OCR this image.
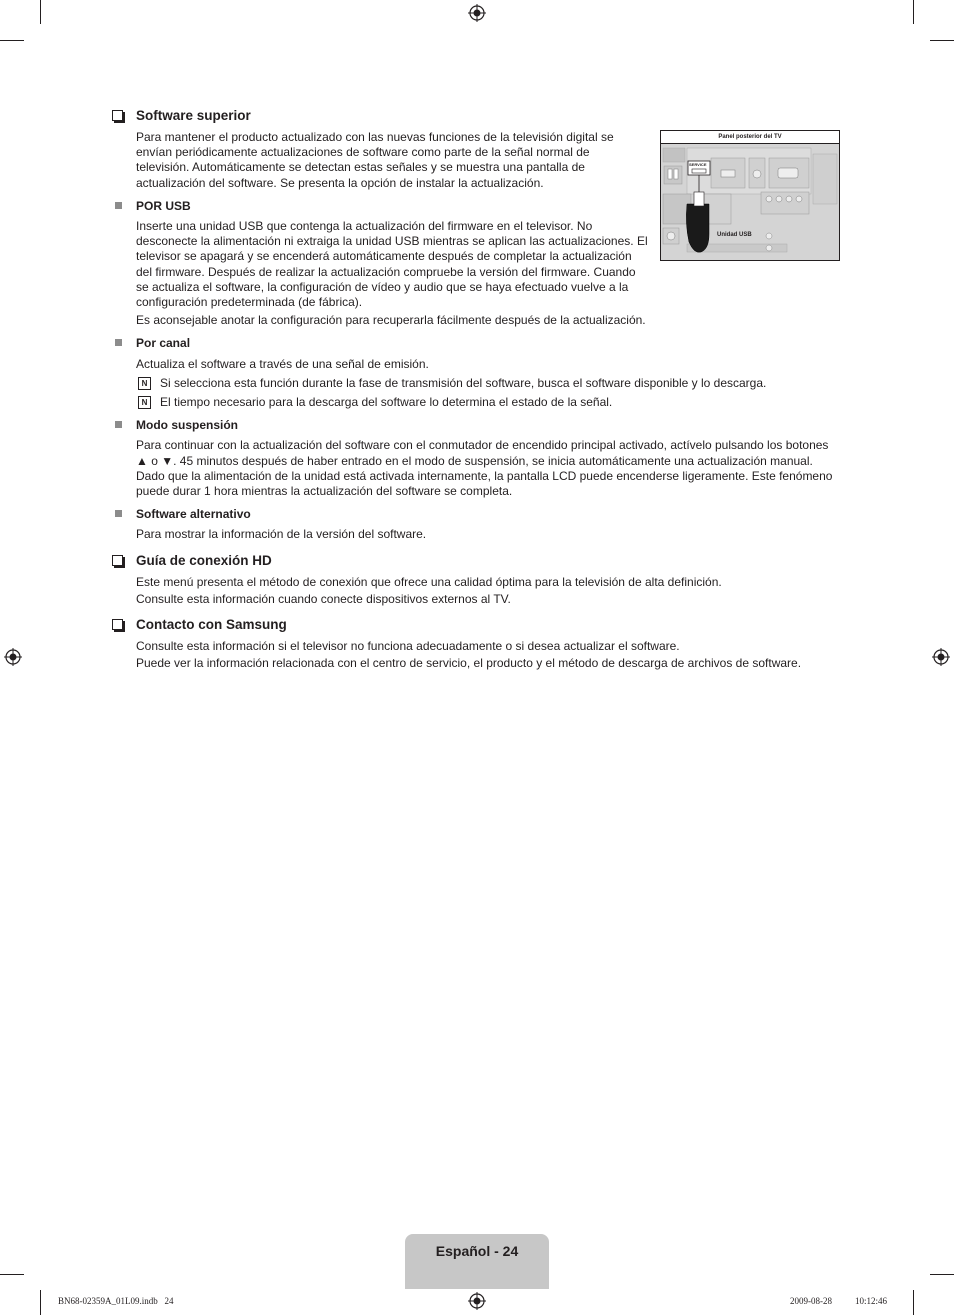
Panel posterior del TV
SERVICE
Unidad USB
Software superior
Para mantener el producto actualizado con las nuevas funciones de la televisión digital se envían periódicamente actualizaciones de software como parte de la señal normal de televisión. Automáticamente se detectan estas señales y se muestra una pantalla de actualización del software. Se presenta la opción de instalar la actualización.
POR USB
Inserte una unidad USB que contenga la actualización del firmware en el televisor. No desconecte la alimentación ni extraiga la unidad USB mientras se aplican las actualizaciones. El televisor se apagará y se encenderá automáticamente después de completar la actualización del firmware. Después de realizar la actualización compruebe la versión del firmware. Cuando se actualiza el software, la configuración de vídeo y audio que se haya efectuado vuelve a la configuración predeterminada (de fábrica).
Es aconsejable anotar la configuración para recuperarla fácilmente después de la actualización.
Por canal
Actualiza el software a través de una señal de emisión.
N	Si selecciona esta función durante la fase de transmisión del software, busca el software disponible y lo descarga.
N	El tiempo necesario para la descarga del software lo determina el estado de la señal.
Modo suspensión
Para continuar con la actualización del software con el conmutador de encendido principal activado, actívelo pulsando los botones ▲ o ▼. 45 minutos después de haber entrado en el modo de suspensión, se inicia automáticamente una actualización manual. Dado que la alimentación de la unidad está activada internamente, la pantalla LCD puede encenderse ligeramente. Este fenómeno puede durar 1 hora mientras la actualización del software se completa.
Software alternativo
Para mostrar la información de la versión del software.
Guía de conexión HD
Este menú presenta el método de conexión que ofrece una calidad óptima para la televisión de alta definición.
Consulte esta información cuando conecte dispositivos externos al TV.
Contacto con Samsung
Consulte esta información si el televisor no funciona adecuadamente o si desea actualizar el software.
Puede ver la información relacionada con el centro de servicio, el producto y el método de descarga de archivos de software.
Español - 24
BN68-02359A_01L09.indb   24	2009-08-28   ￿￿ 10:12:46
